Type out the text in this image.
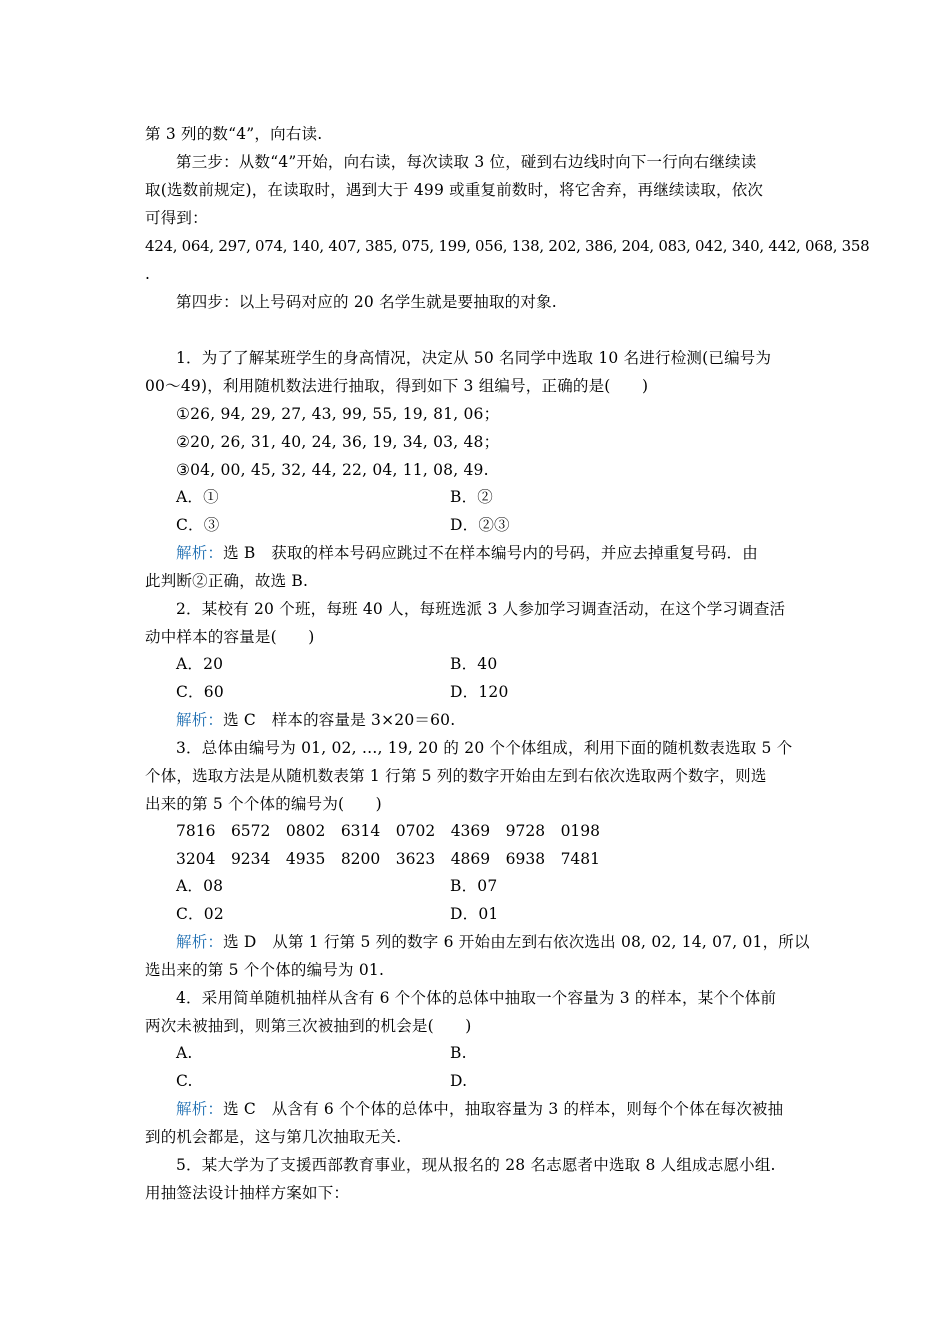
第 3 列的数“4”，向右读.
第三步：从数“4”开始，向右读，每次读取 3 位，碰到右边线时向下一行向右继续读
取(选数前规定)，在读取时，遇到大于 499 或重复前数时，将它舍弃，再继续读取，依次
可得到：
424, 064, 297, 074, 140, 407, 385, 075, 199, 056, 138, 202, 386, 204, 083, 042, 340, 442, 068, 358
.
第四步：以上号码对应的 20 名学生就是要抽取的对象.
1．为了了解某班学生的身高情况，决定从 50 名同学中选取 10 名进行检测(已编号为
00～49)，利用随机数法进行抽取，得到如下 3 组编号，正确的是(　　)
①26, 94, 29, 27, 43, 99, 55, 19, 81, 06；
②20, 26, 31, 40, 24, 36, 19, 34, 03, 48；
③04, 00, 45, 32, 44, 22, 04, 11, 08, 49.
A．①	B．②
C．③	D．②③
解析：选 B　获取的样本号码应跳过不在样本编号内的号码，并应去掉重复号码．由
此判断②正确，故选 B.
2．某校有 20 个班，每班 40 人，每班选派 3 人参加学习调查活动，在这个学习调查活
动中样本的容量是(　　)
A．20	B．40
C．60	D．120
解析：选 C　样本的容量是 3×20＝60.
3．总体由编号为 01, 02, …, 19, 20 的 20 个个体组成，利用下面的随机数表选取 5 个
个体，选取方法是从随机数表第 1 行第 5 列的数字开始由左到右依次选取两个数字，则选
出来的第 5 个个体的编号为(　　)
7816 6572 0802 6314 0702 4369 9728 0198
3204 9234 4935 8200 3623 4869 6938 7481
A．08	B．07
C．02	D．01
解析：选 D　从第 1 行第 5 列的数字 6 开始由左到右依次选出 08, 02, 14, 07, 01，所以
选出来的第 5 个个体的编号为 01.
4．采用简单随机抽样从含有 6 个个体的总体中抽取一个容量为 3 的样本，某个个体前
两次未被抽到，则第三次被抽到的机会是(　　)
A.	B.
C.	D.
解析：选 C　从含有 6 个个体的总体中，抽取容量为 3 的样本，则每个个体在每次被抽
到的机会都是，这与第几次抽取无关.
5．某大学为了支援西部教育事业，现从报名的 28 名志愿者中选取 8 人组成志愿小组.
用抽签法设计抽样方案如下：
